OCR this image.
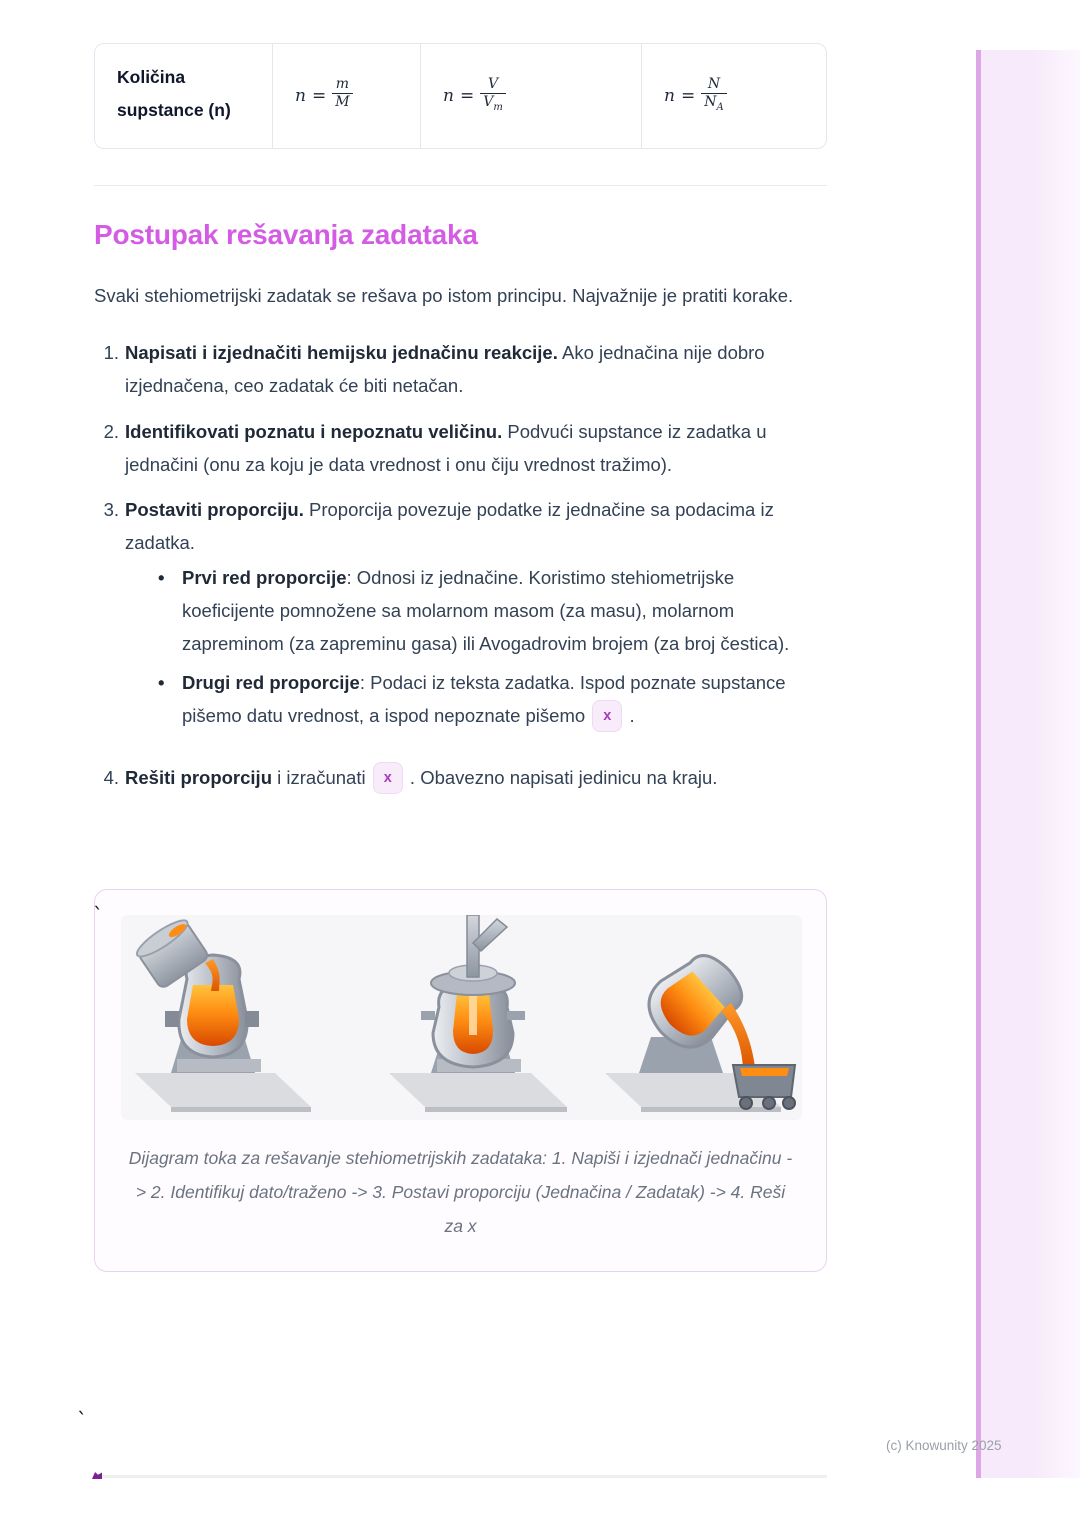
Količina supstance (n)
$n = \frac{m}{M}$	$n = \frac{V}{V_m}$	$n = \frac{N}{N_A}$
Postupak rešavanja zadataka

Svaki stehiometrijski zadatak se rešava po istom principu. Najvažnije je pratiti korake.

1. Napisati i izjednačiti hemijsku jednačinu reakcije. Ako jednačina nije dobro izjednačena, ceo zadatak će biti netačan.
2. Identifikovati poznatu i nepoznatu veličinu. Podvući supstance iz zadatka u jednačini (onu za koju je data vrednost i onu čiju vrednost tražimo).
3. Postaviti proporciju. Proporcija povezuje podatke iz jednačine sa podacima iz zadatka.
• Prvi red proporcije: Odnosi iz jednačine. Koristimo stehiometrijske koeficijente pomnožene sa molarnom masom (za masu), molarnom zapreminom (za zapreminu gasa) ili Avogadrovim brojem (za broj čestica).
• Drugi red proporcije: Podaci iz teksta zadatka. Ispod poznate supstance pišemo datu vrednost, a ispod nepoznate pišemo x .
4. Rešiti proporciju i izračunati x . Obavezno napisati jedinicu na kraju.
Dijagram toka za rešavanje stehiometrijskih zadataka: 1. Napiši i izjednači jednačinu -> 2. Identifikuj dato/traženo -> 3. Postavi proporciju (Jednačina / Zadatak) -> 4. Reši za x
`
`
(c) Knowunity 2025
